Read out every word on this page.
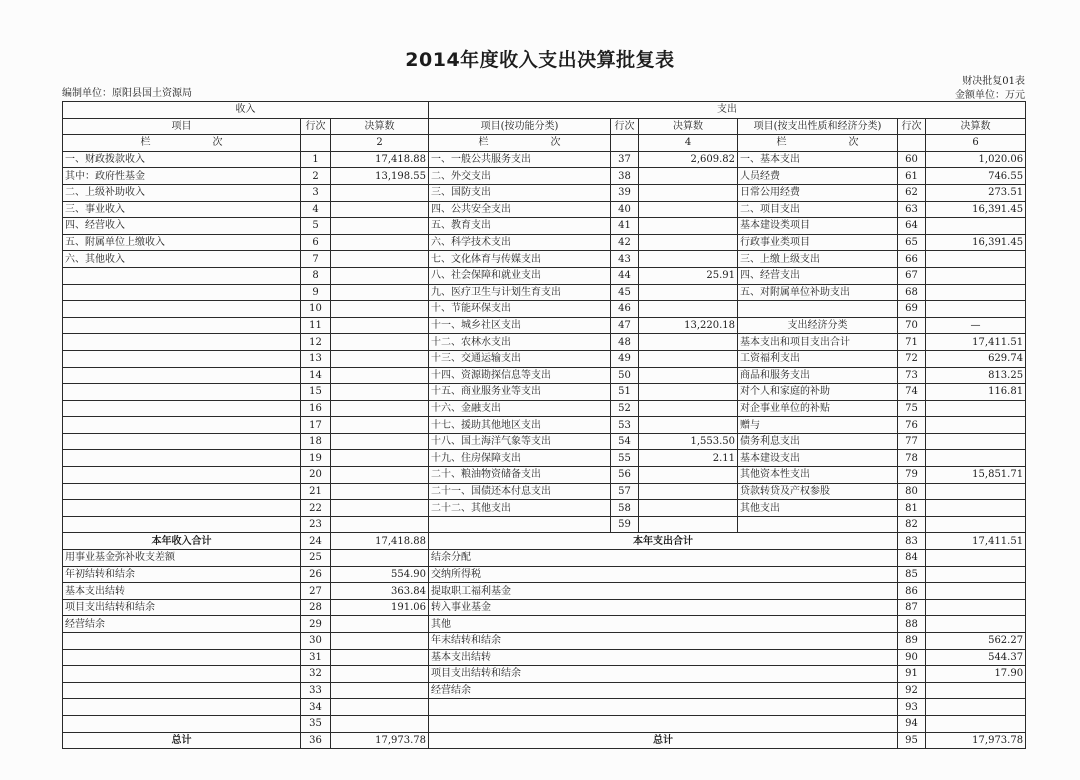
2014年度收入支出决算批复表
财决批复01表
编制单位：原阳县国土资源局	金额单位：万元
收入			支出					
项目	行次	决算数	项目(按功能分类)	行次	决算数	项目(按支出性质和经济分类)	行次	决算数
栏　　次		2	栏　　次		4	栏　　次		6
一、财政拨款收入	1	17,418.88	一、一般公共服务支出	37	2,609.82	一、基本支出	60	1,020.06
其中：政府性基金	2	13,198.55	二、外交支出	38		人员经费	61	746.55
二、上级补助收入	3		三、国防支出	39		日常公用经费	62	273.51
三、事业收入	4		四、公共安全支出	40		二、项目支出	63	16,391.45
四、经营收入	5		五、教育支出	41		基本建设类项目	64	
五、附属单位上缴收入	6		六、科学技术支出	42		行政事业类项目	65	16,391.45
六、其他收入	7		七、文化体育与传媒支出	43		三、上缴上级支出	66	
	8		八、社会保障和就业支出	44	25.91	四、经营支出	67	
	9		九、医疗卫生与计划生育支出	45		五、对附属单位补助支出	68	
	10		十、节能环保支出	46			69	
	11		十一、城乡社区支出	47	13,220.18	支出经济分类	70	—
	12		十二、农林水支出	48		基本支出和项目支出合计	71	17,411.51
	13		十三、交通运输支出	49		工资福利支出	72	629.74
	14		十四、资源勘探信息等支出	50		商品和服务支出	73	813.25
	15		十五、商业服务业等支出	51		对个人和家庭的补助	74	116.81
	16		十六、金融支出	52		对企事业单位的补贴	75	
	17		十七、援助其他地区支出	53		赠与	76	
	18		十八、国土海洋气象等支出	54	1,553.50	债务利息支出	77	
	19		十九、住房保障支出	55	2.11	基本建设支出	78	
	20		二十、粮油物资储备支出	56		其他资本性支出	79	15,851.71
	21		二十一、国债还本付息支出	57		贷款转贷及产权参股	80	
	22		二十二、其他支出	58		其他支出	81	
	23			59			82	
本年收入合计	24	17,418.88	本年支出合计				83	17,411.51
用事业基金弥补收支差额	25		结余分配				84	
年初结转和结余	26	554.90	交纳所得税				85	
基本支出结转	27	363.84	提取职工福利基金				86	
项目支出结转和结余	28	191.06	转入事业基金				87	
经营结余	29		其他				88	
	30		年末结转和结余				89	562.27
	31		基本支出结转				90	544.37
	32		项目支出结转和结余				91	17.90
	33		经营结余				92	
	34						93	
	35						94	
总计	36	17,973.78	总计				95	17,973.78
